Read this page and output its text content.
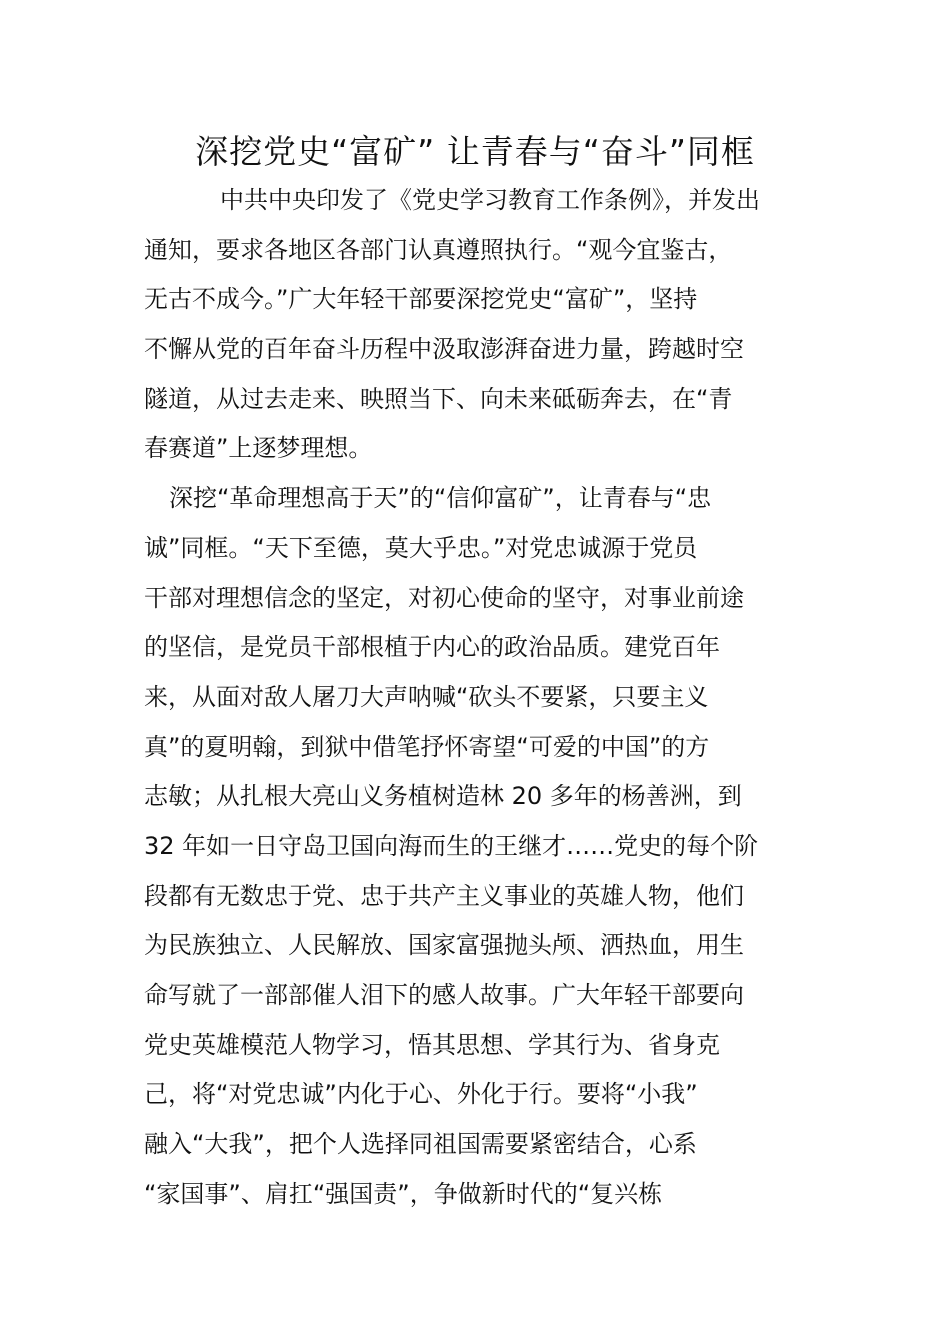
深挖党史“富矿” 让青春与“奋斗”同框
中共中央印发了《党史学习教育工作条例》，并发出
通知，要求各地区各部门认真遵照执行。“观今宜鉴古，
无古不成今。”广大年轻干部要深挖党史“富矿”，坚持
不懈从党的百年奋斗历程中汲取澎湃奋进力量，跨越时空
隧道，从过去走来、映照当下、向未来砥砺奔去，在“青
春赛道”上逐梦理想。
深挖“革命理想高于天”的“信仰富矿”，让青春与“忠
诚”同框。“天下至德，莫大乎忠。”对党忠诚源于党员
干部对理想信念的坚定，对初心使命的坚守，对事业前途
的坚信，是党员干部根植于内心的政治品质。建党百年
来，从面对敌人屠刀大声呐喊“砍头不要紧，只要主义
真”的夏明翰，到狱中借笔抒怀寄望“可爱的中国”的方
志敏；从扎根大亮山义务植树造林 20 多年的杨善洲，到
32 年如一日守岛卫国向海而生的王继才……党史的每个阶
段都有无数忠于党、忠于共产主义事业的英雄人物，他们
为民族独立、人民解放、国家富强抛头颅、洒热血，用生
命写就了一部部催人泪下的感人故事。广大年轻干部要向
党史英雄模范人物学习，悟其思想、学其行为、省身克
己，将“对党忠诚”内化于心、外化于行。要将“小我”
融入“大我”，把个人选择同祖国需要紧密结合，心系
“家国事”、肩扛“强国责”，争做新时代的“复兴栋
